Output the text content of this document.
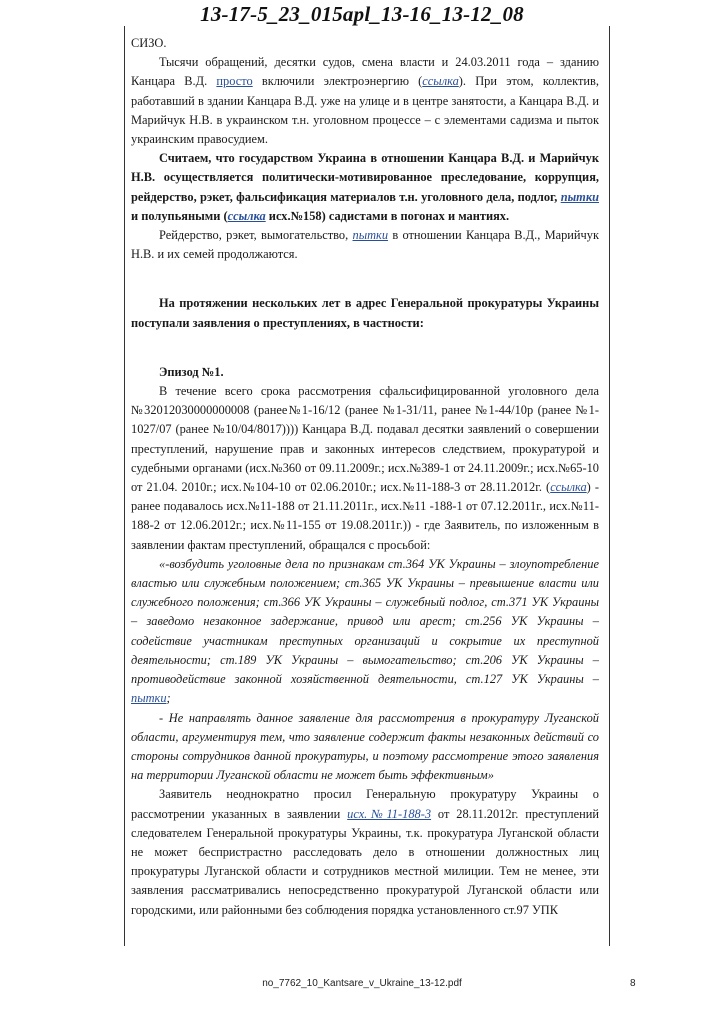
13-17-5_23_015apl_13-16_13-12_08

СИЗО.

Тысячи обращений, десятки судов, смена власти и 24.03.2011 года – зданию Канцара В.Д. просто включили электроэнергию (ссылка). При этом, коллектив, работавший в здании Канцара В.Д. уже на улице и в центре занятости, а Канцара В.Д. и Марийчук Н.В. в украинском т.н. уголовном процессе – с элементами садизма и пыток украинским правосудием.

Считаем, что государством Украина в отношении Канцара В.Д. и Марийчук Н.В. осуществляется политически-мотивированное преследование, коррупция, рейдерство, рэкет, фальсификация материалов т.н. уголовного дела, подлог, пытки и полупьяными (ссылка исх.№158) садистами в погонах и мантиях.

Рейдерство, рэкет, вымогательство, пытки в отношении Канцара В.Д., Марийчук Н.В. и их семей продолжаются.

На протяжении нескольких лет в адрес Генеральной прокуратуры Украины поступали заявления о преступлениях, в частности:

Эпизод №1.

В течение всего срока рассмотрения сфальсифицированной уголовного дела №32012030000000008 (ранее№1-16/12 (ранее №1-31/11, ранее №1-44/10р (ранее №1-1027/07 (ранее №10/04/8017)))) Канцара В.Д. подавал десятки заявлений о совершении преступлений, нарушение прав и законных интересов следствием, прокуратурой и судебными органами (исх.№360 от 09.11.2009г.; исх.№389-1 от 24.11.2009г.; исх.№65-10 от 21.04. 2010г.; исх.№104-10 от 02.06.2010г.; исх.№11-188-3 от 28.11.2012г. (ссылка) - ранее подавалось исх.№11-188 от 21.11.2011г., исх.№11 -188-1 от 07.12.2011г., исх.№11-188-2 от 12.06.2012г.; исх.№11-155 от 19.08.2011г.)) - где Заявитель, по изложенным в заявлении фактам преступлений, обращался с просьбой:

«-возбудить уголовные дела по признакам ст.364 УК Украины – злоупотребление властью или служебным положением; ст.365 УК Украины – превышение власти или служебного положения; ст.366 УК Украины – служебный подлог, ст.371 УК Украины – заведомо незаконное задержание, привод или арест; ст.256 УК Украины – содействие участникам преступных организаций и сокрытие их преступной деятельности; ст.189 УК Украины – вымогательство; ст.206 УК Украины – противодействие законной хозяйственной деятельности, ст.127 УК Украины – пытки;

- Не направлять данное заявление для рассмотрения в прокуратуру Луганской области, аргументируя тем, что заявление содержит факты незаконных действий со стороны сотрудников данной прокуратуры, и поэтому рассмотрение этого заявления на территории Луганской области не может быть эффективным»

Заявитель неоднократно просил Генеральную прокуратуру Украины о рассмотрении указанных в заявлении исх.№11-188-3 от 28.11.2012г. преступлений следователем Генеральной прокуратуры Украины, т.к. прокуратура Луганской области не может беспристрастно расследовать дело в отношении должностных лиц прокуратуры Луганской области и сотрудников местной милиции. Тем не менее, эти заявления рассматривались непосредственно прокуратурой Луганской области или городскими, или районными без соблюдения порядка установленного ст.97 УПК

no_7762_10_Kantsare_v_Ukraine_13-12.pdf	8
